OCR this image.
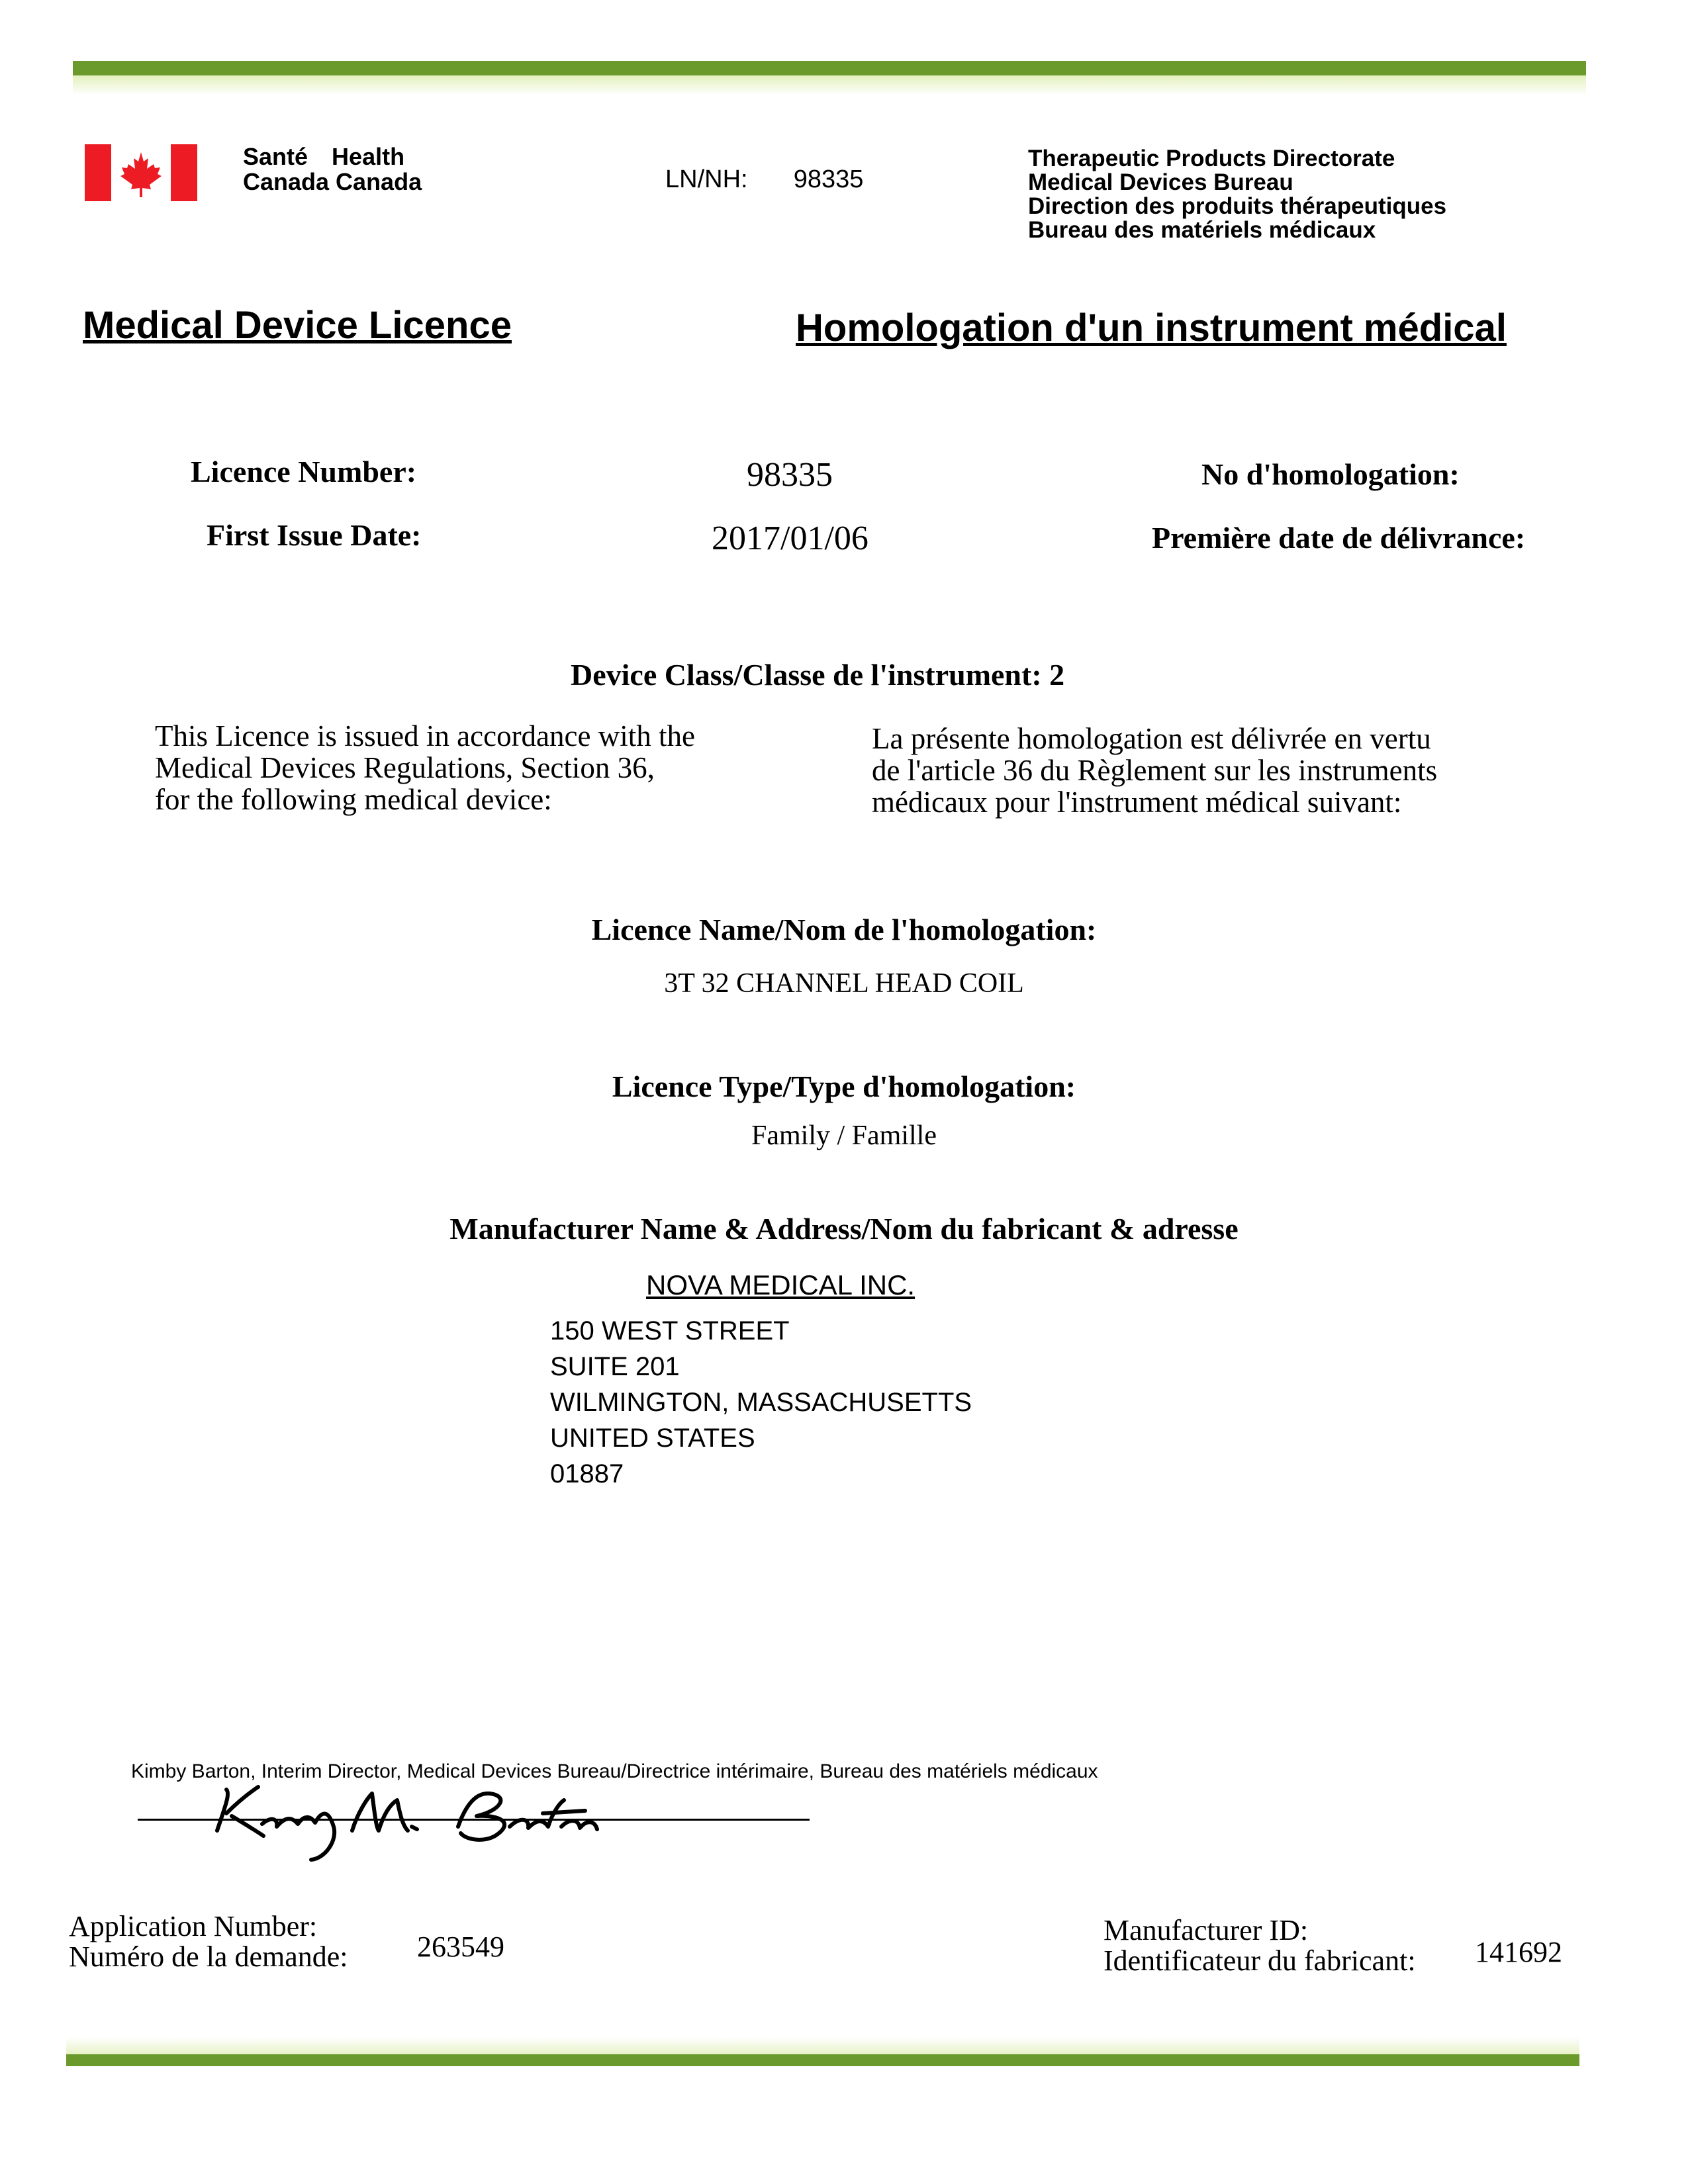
Santé Health
Canada Canada	LN/NH: 98335
Therapeutic Products Directorate
Medical Devices Bureau
Direction des produits thérapeutiques
Bureau des matériels médicaux
Medical Device Licence	Homologation d'un instrument médical
Licence Number:	98335	No d'homologation:
First Issue Date:	2017/01/06	Première date de délivrance:
Device Class/Classe de l'instrument: 2
This Licence is issued in accordance with the
Medical Devices Regulations, Section 36,
for the following medical device:
La présente homologation est délivrée en vertu
de l'article 36 du Règlement sur les instruments
médicaux pour l'instrument médical suivant:
Licence Name/Nom de l'homologation:
3T 32 CHANNEL HEAD COIL
Licence Type/Type d'homologation:
Family / Famille
Manufacturer Name & Address/Nom du fabricant & adresse
NOVA MEDICAL INC.
150 WEST STREET
SUITE 201
WILMINGTON, MASSACHUSETTS
UNITED STATES
01887
Kimby Barton, Interim Director, Medical Devices Bureau/Directrice intérimaire, Bureau des matériels médicaux
Application Number:
Numéro de la demande: 263549
Manufacturer ID:
Identificateur du fabricant: 141692
